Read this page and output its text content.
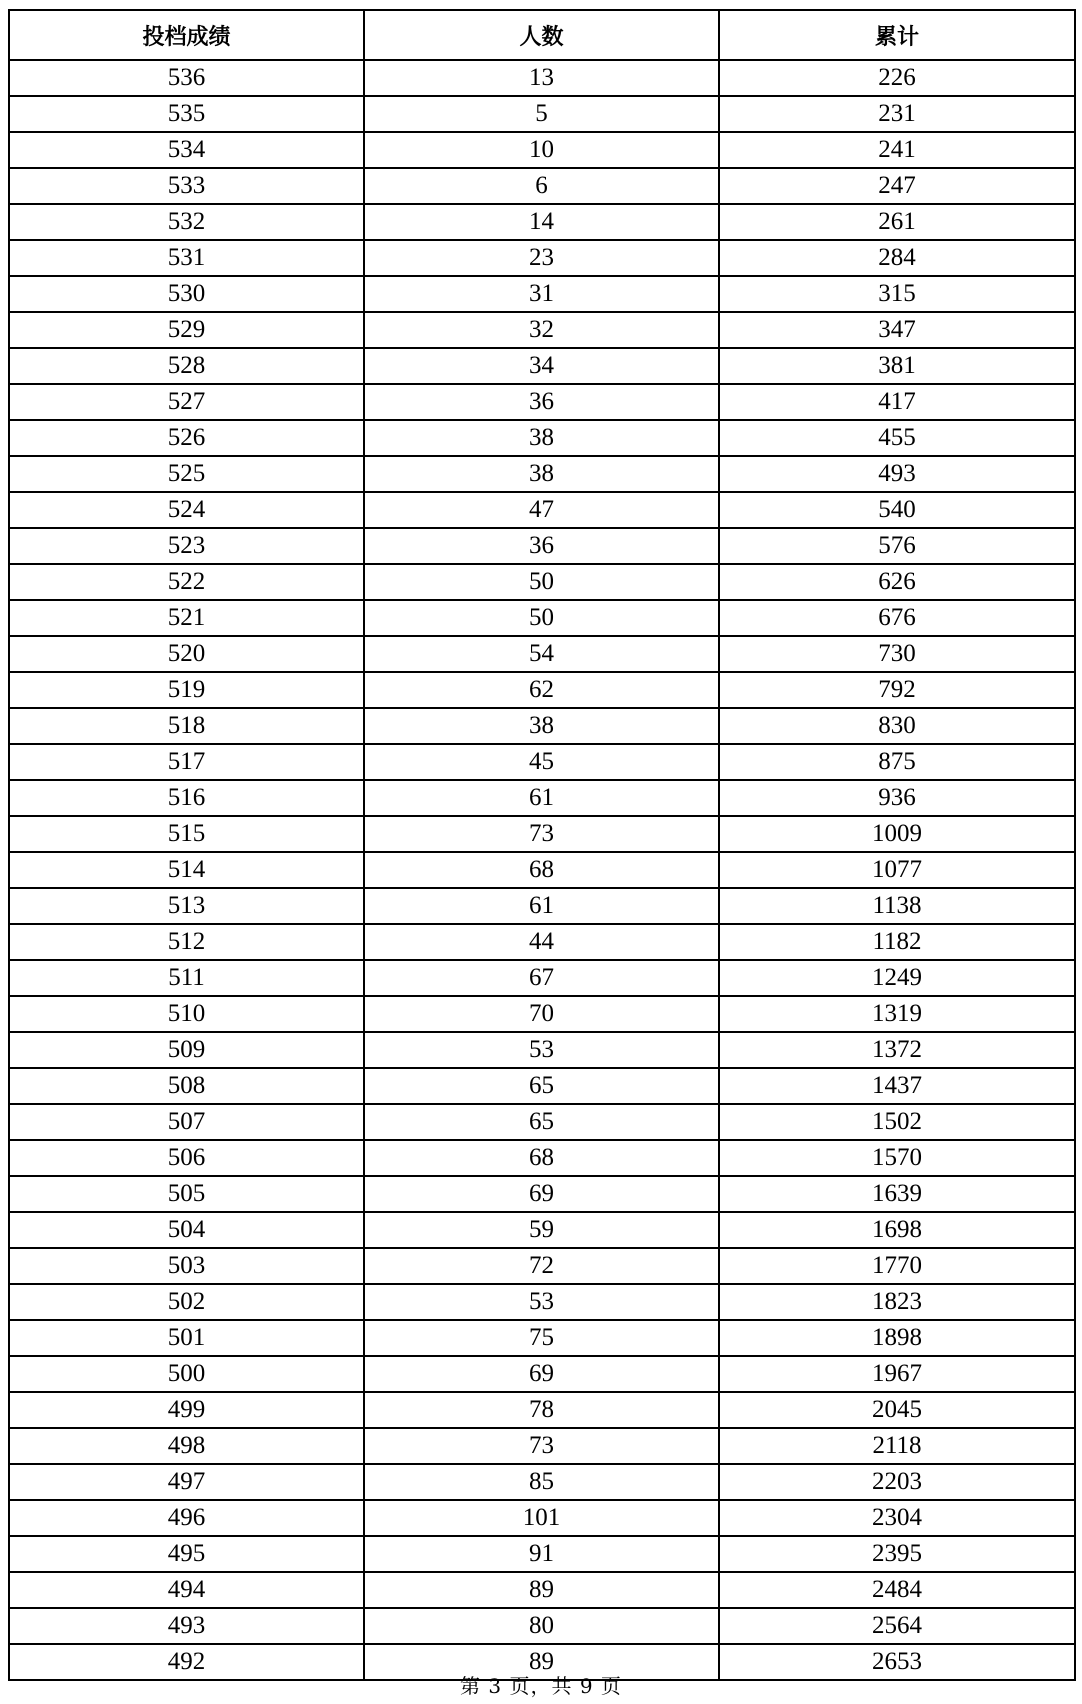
投档成绩	人数	累计
536	13	226
535	5	231
534	10	241
533	6	247
532	14	261
531	23	284
530	31	315
529	32	347
528	34	381
527	36	417
526	38	455
525	38	493
524	47	540
523	36	576
522	50	626
521	50	676
520	54	730
519	62	792
518	38	830
517	45	875
516	61	936
515	73	1009
514	68	1077
513	61	1138
512	44	1182
511	67	1249
510	70	1319
509	53	1372
508	65	1437
507	65	1502
506	68	1570
505	69	1639
504	59	1698
503	72	1770
502	53	1823
501	75	1898
500	69	1967
499	78	2045
498	73	2118
497	85	2203
496	101	2304
495	91	2395
494	89	2484
493	80	2564
492	89	2653
第 3 页，共 9 页
